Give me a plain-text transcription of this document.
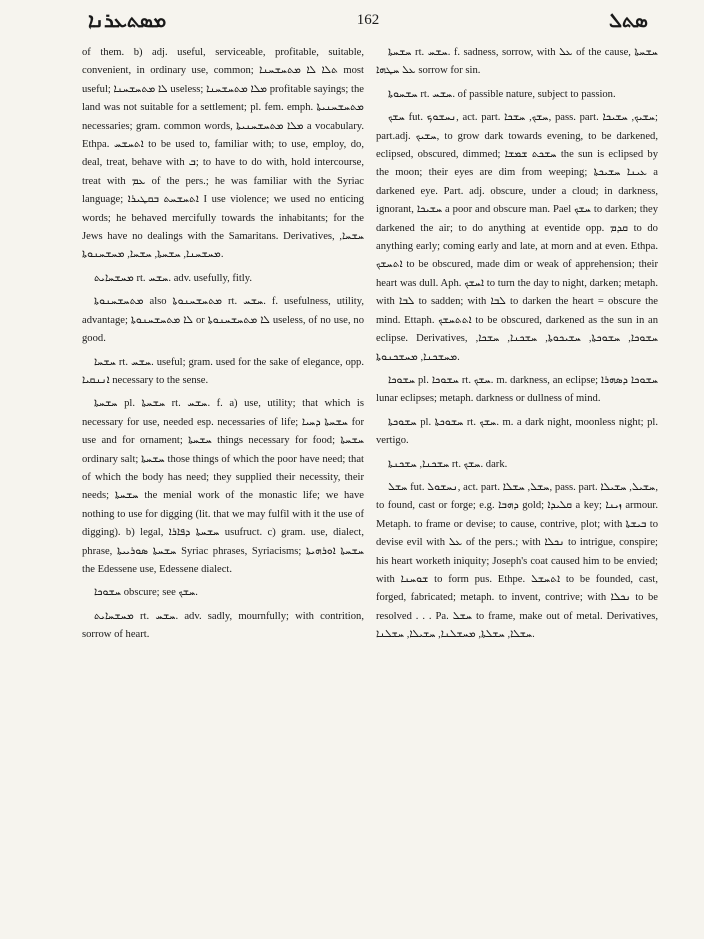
ܡܣܬܥܪܢܐ	162	ܣܬܠ

of them. b) adj. useful, serviceable, profitable, suitable, convenient, in ordinary use, common; ܬܠܐ ܠܐ ܡܬܚܫܚܢܐ most useful; ܠܐ ܡܬܚܫܚܢܐ useless; ܡܠܐ ܡܬܚܫܚܢܐ profitable sayings; the land was not suitable for a settlement; pl. fem. emph. ܡܬܚܫܚܢܝܬܐ necessaries; gram. common words, ܡܠܐ ܡܬܚܫܚܢܝܬܐ a vocabulary. Ethpa. ܐܬܚܫܚ to be used to, familiar with; to use, employ, do, deal, treat, behave with ܒ; to have to do with, hold intercourse, treat with ܥܡ of the pers.; he was familiar with the Syriac language; ܐܬܚܫܚܬ ܒܩܛܝܪܐ I use violence; we used no enticing words; he behaved mercifully towards the inhabitants; for the Jews have no dealings with the Samaritans. Derivatives, ܚܫܚܐ, ܡܚܫܚܢܐ, ܚܫܚܬܐ, ܚܫܚܐ, ܡܚܫܚܢܘܬܐ.

ܡܚܫܚܐܝܬ rt. ܚܫܚ. adv. usefully, fitly.

ܡܬܚܫܚܢܘܬܐ also ܡܬܚܫܚܢܘܬܐ rt. ܚܫܚ. f. usefulness, utility, advantage; ܠܐ ܡܬܚܫܚܢܘܬܐ or ܠܐ ܡܬܚܫܚܢܘܬܐ useless, of no use, no good.

ܚܫܚܐ rt. ܚܫܚ. useful; gram. used for the sake of elegance, opp. ܐܢܢܩܝܐ necessary to the sense.

ܚܫܚܬܐ pl. ܚܫܚܬܐ rt. ܚܫܚ. f. a) use, utility; that which is necessary for use, needed esp. necessaries of life; ܚܫܚܬܐ ܕܚܝܐ for use and for ornament; ܚܫܚܬܐ things necessary for food; ܚܫܚܬܐ ordinary salt; ܚܫܚܬܐ those things of which the poor have need; that of which the body has need; they supplied their necessity, their needs; ܚܫܚܬܐ the menial work of the monastic life; we have nothing to use for digging (lit. that we may fulfil with it the use of digging). b) legal, ܚܫܚܬܐ ܕܦܐܪܐ usufruct. c) gram. use, dialect, phrase, ܚܫܚܬܐ ܣܘܪܝܝܬܐ Syriac phrases, Syriacisms; ܚܫܚܬܐ ܐܘܪܗܝܬܐ the Edessene use, Edessene dialect.

ܚܫܘܟܐ obscure; see ܚܫܟ.

ܡܚܫܚܐܝܬ rt. ܚܫܚ. adv. sadly, mournfully; with contrition, sorrow of heart.

ܚܫܚܬܐ rt. ܚܫܚ. f. sadness, sorrow, with ܥܠ of the cause, ܚܫܚܬܐ ܥܠ ܚܛܗܐ sorrow for sin.

ܚܫܚܘܬܐ rt. ܚܫܚ. of passible nature, subject to passion.

ܚܫܟ fut. ܢܚܫܘܟ, act. part. ܚܫܟ, ܚܫܟܐ, pass. part. ܚܫܝܟ, ܚܫܝܟܐ; part.adj. ܚܫܝܟ, to grow dark towards evening, to be darkened, eclipsed, obscured, dimmed; ܚܫܟܬ ܫܡܫܐ the sun is eclipsed by the moon; their eyes are dim from weeping; ܥܝܢܐ ܚܫܝܟܬܐ a darkened eye. Part. adj. obscure, under a cloud; in darkness, ignorant, ܚܫܝܟܐ a poor and obscure man. Pael ܚܫܟ to darken; they darkened the air; to do anything at eventide opp. ܩܕܡ to do anything early; coming early and late, at morn and at even. Ethpa. ܐܬܚܫܟ to be obscured, made dim or weak of apprehension; their heart was dull. Aph. ܐܚܫܟ to turn the day to night, darken; metaph. with ܠܒܐ to sadden; with ܠܒܐ to darken the heart = obscure the mind. Ettaph. ܐܬܬܚܫܟ to be obscured, darkened as the sun in an eclipse. Derivatives, ܚܫܘܟܐ, ܚܫܘܟܬܐ, ܚܫܝܟܘܬܐ, ܚܫܟܢܐ, ܚܫܟܐ, ܡܚܫܟܢܐ, ܡܚܫܟܢܘܬܐ.

ܚܫܘܟܐ pl. ܚܫܘܟܐ rt. ܚܫܟ. m. darkness, an eclipse; ܚܫܘܟܐ ܕܣܗܪܐ lunar eclipses; metaph. darkness or dullness of mind.

ܚܫܘܟܬܐ pl. ܚܫܘܟܬܐ rt. ܚܫܟ. m. a dark night, moonless night; pl. vertigo.

ܚܫܟܢܐ, ܚܫܟܢܬܐ rt. ܚܫܟ. dark.

ܚܫܠ fut. ܢܚܫܘܠ, act. part. ܚܫܠ, ܚܫܠܐ, pass. part. ܚܫܝܠ, ܚܫܝܠܐ, to found, cast or forge; e.g. ܕܗܒܐ gold; ܩܠܝܕܐ a key; ܙܝܢܐ armour. Metaph. to frame or devise; to cause, contrive, plot; with ܒܝܫܬܐ to devise evil with ܥܠ of the pers.; with ܢܟܠܐ to intrigue, conspire; his heart worketh iniquity; Joseph's coat caused him to be envied; with ܫܘܚܢܐ to form pus. Ethpe. ܐܬܚܫܠ to be founded, cast, forged, fabricated; metaph. to invent, contrive; with ܢܟܠܐ to be resolved . . . Pa. ܚܫܠ to frame, make out of metal. Derivatives, ܚܫܠܐ, ܚܫܠܬܐ, ܡܚܫܠܢܐ, ܚܫܝܠܐ, ܚܫܠܢܐ.
